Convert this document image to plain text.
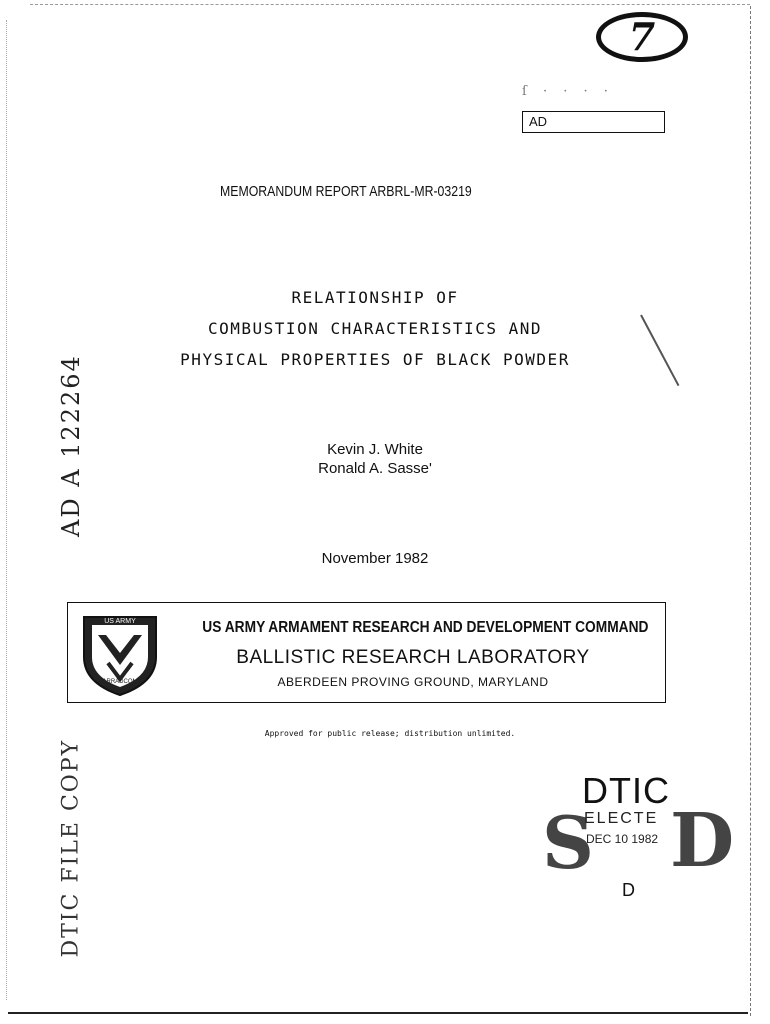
7
ſ · · · ·
AD
MEMORANDUM REPORT ARBRL-MR-03219
RELATIONSHIP OF
COMBUSTION CHARACTERISTICS AND
PHYSICAL PROPERTIES OF BLACK POWDER
Kevin J. White
Ronald A. Sasse'
November 1982
AD A 122264
US ARMY
ARRADCOM
US ARMY ARMAMENT RESEARCH AND DEVELOPMENT COMMAND
BALLISTIC RESEARCH LABORATORY
ABERDEEN PROVING GROUND, MARYLAND
Approved for public release; distribution unlimited.
DTIC FILE COPY	S
DTIC
ELECTE
DEC 10 1982 D
D
